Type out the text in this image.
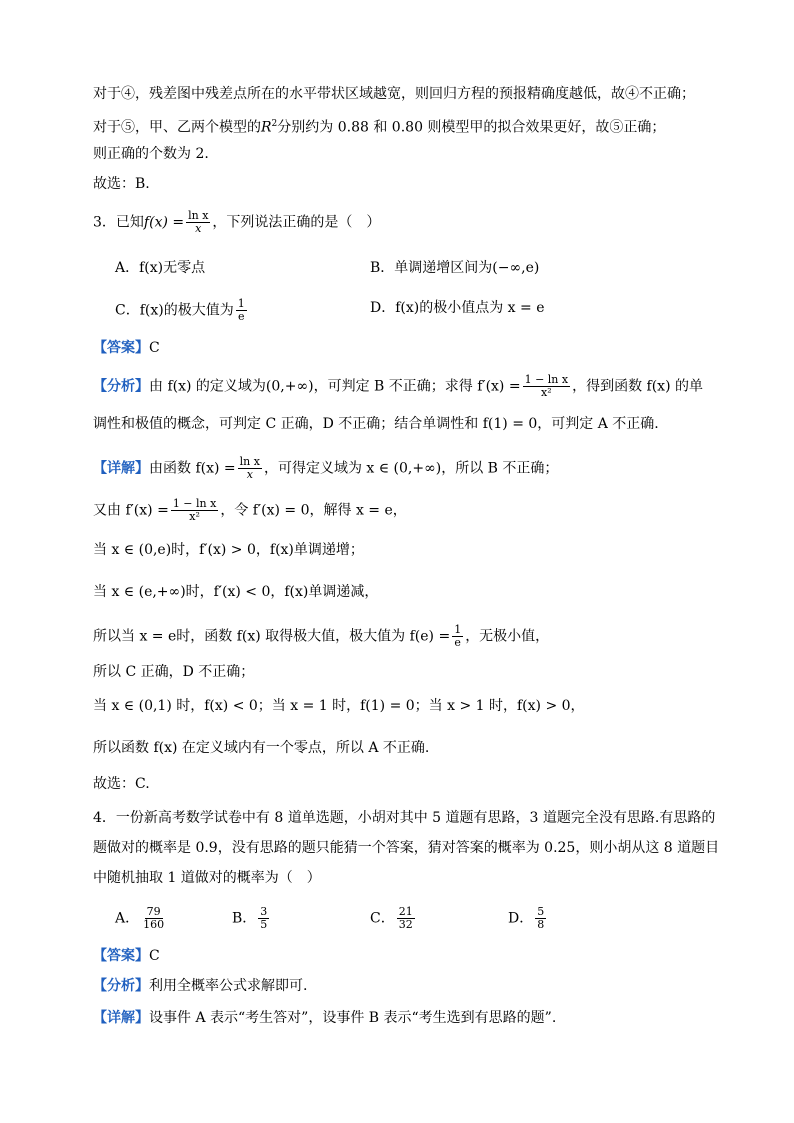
对于④，残差图中残差点所在的水平带状区域越宽，则回归方程的预报精确度越低，故④不正确；
对于⑤，甲、乙两个模型的$R^2$分别约为 0.88 和 0.80 则模型甲的拟合效果更好，故⑤正确；
则正确的个数为 2.
故选：B.
3．已知$f(x) = \frac{\text{ln x}}{x}$ ，下列说法正确的是（　）
A．f(x)无零点	B．单调递增区间为(−∞,e)
C．f(x)的极大值为 $\frac{1}{e}$	D．f(x)的极小值点为 x = e
【答案】C
【分析】由 f(x) 的定义域为(0,+∞)，可判定 B 不正确；求得 $f'(x) = \frac{\text{1 − ln x}}{\text{x²}}$ ，得到函数 f(x) 的单
调性和极值的概念，可判定 C 正确，D 不正确；结合单调性和 f(1) = 0，可判定 A 不正确.
【详解】由函数 $f(x) = \frac{\text{ln x}}{x}$ ，可得定义域为 x ∈ (0,+∞)，所以 B 不正确；
又由 $f'(x) = \frac{\text{1 − ln x}}{\text{x²}}$ ，令 f′(x) = 0，解得 x = e，
当 x ∈ (0,e)时，f′(x) > 0，f(x)单调递增；
当 x ∈ (e,+∞)时，f′(x) < 0，f(x)单调递减，
所以当 x = e时，函数 f(x) 取得极大值，极大值为 $f(e) = \frac{1}{e}$ ，无极小值，
所以 C 正确，D 不正确；
当 x ∈ (0,1) 时，f(x) < 0；当 x = 1 时，f(1) = 0；当 x > 1 时，f(x) > 0，
所以函数 f(x) 在定义域内有一个零点，所以 A 不正确.
故选：C.
4．一份新高考数学试卷中有 8 道单选题，小胡对其中 5 道题有思路，3 道题完全没有思路.有思路的
题做对的概率是 0.9，没有思路的题只能猜一个答案，猜对答案的概率为 0.25，则小胡从这 8 道题目
中随机抽取 1 道做对的概率为（　）
A． $\frac{79}{160}$	B． $\frac{3}{5}$	C． $\frac{21}{32}$	D． $\frac{5}{8}$
【答案】C
【分析】利用全概率公式求解即可.
【详解】设事件 A 表示“考生答对”，设事件 B 表示“考生选到有思路的题”.
